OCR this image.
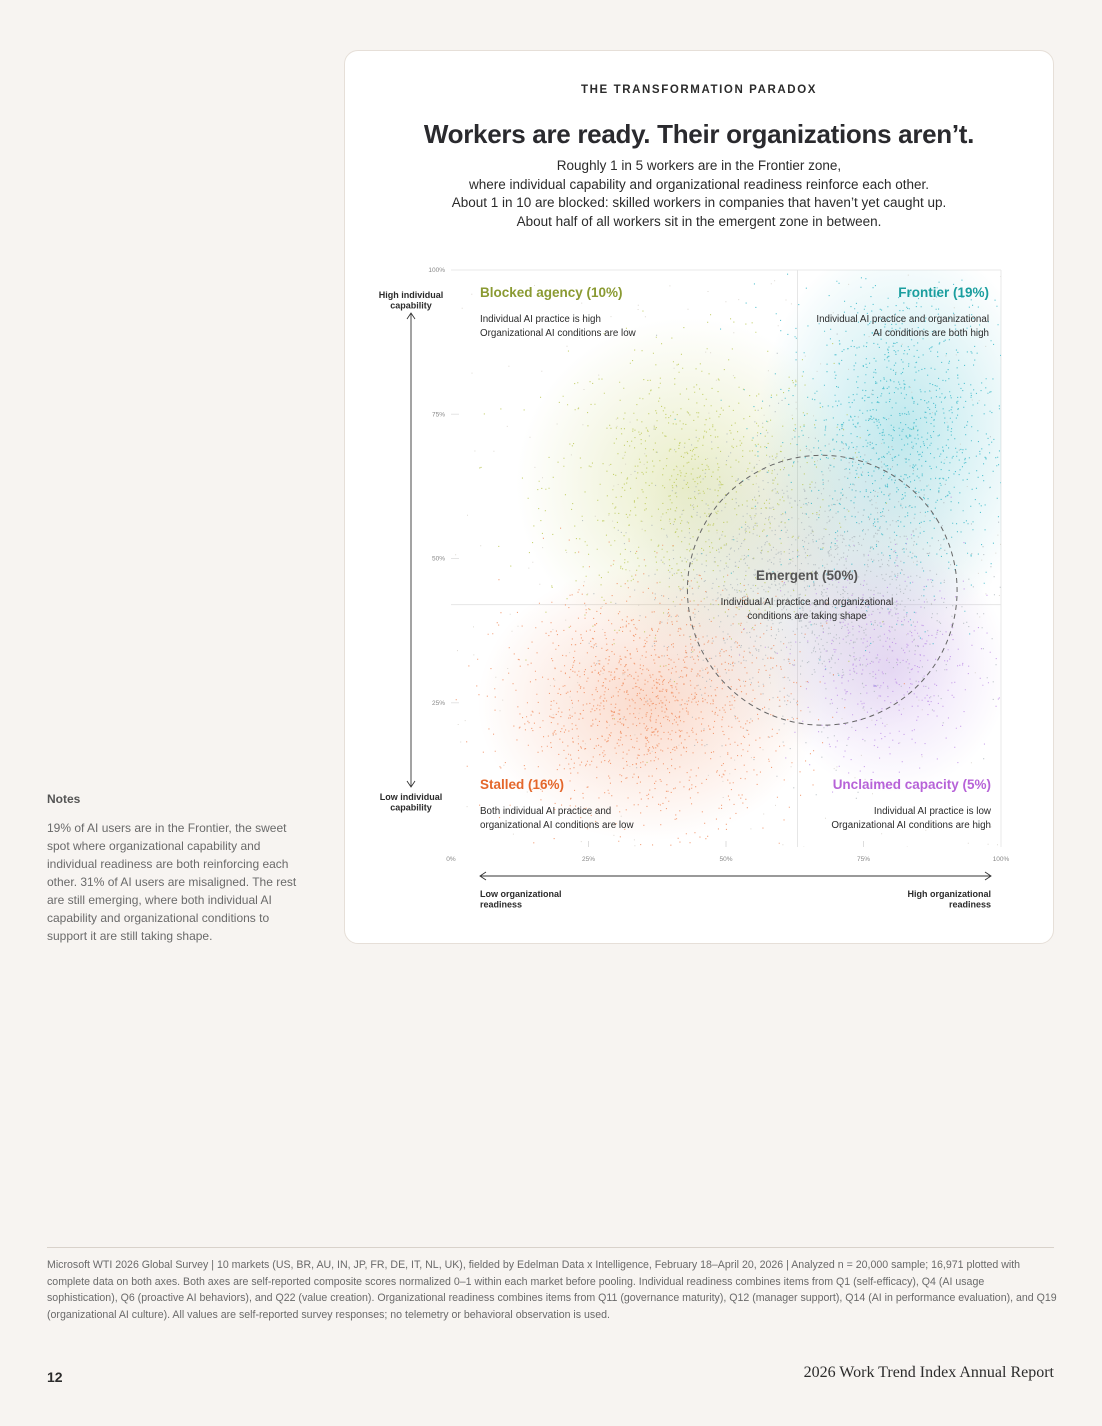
THE TRANSFORMATION PARADOX
Workers are ready. Their organizations aren’t.
Roughly 1 in 5 workers are in the Frontier zone,
where individual capability and organizational readiness reinforce each other.
About 1 in 10 are blocked: skilled workers in companies that haven’t yet caught up.
About half of all workers sit in the emergent zone in between.
25%
50%
75%
100%
0%	25%	50%	75%	100%
High individual capability
Low individual capability
Low organizational readiness
High organizational readiness
Blocked agency (10%)
Individual AI practice is high
Organizational AI conditions are low
Frontier (19%)
Individual AI practice and organizational
AI conditions are both high
Emergent (50%)
Individual AI practice and organizational
conditions are taking shape
Stalled (16%)
Both individual AI practice and
organizational AI conditions are low
Unclaimed capacity (5%)
Individual AI practice is low
Organizational AI conditions are high
Notes
19% of AI users are in the Frontier, the sweet spot where organizational capability and individual readiness are both reinforcing each other. 31% of AI users are misaligned. The rest are still emerging, where both individual AI capability and organizational conditions to support it are still taking shape.
Microsoft WTI 2026 Global Survey | 10 markets (US, BR, AU, IN, JP, FR, DE, IT, NL, UK), fielded by Edelman Data x Intelligence, February 18–April 20, 2026 | Analyzed n = 20,000 sample; 16,971 plotted with complete data on both axes. Both axes are self-reported composite scores normalized 0–1 within each market before pooling. Individual readiness combines items from Q1 (self-efficacy), Q4 (AI usage sophistication), Q6 (proactive AI behaviors), and Q22 (value creation). Organizational readiness combines items from Q11 (governance maturity), Q12 (manager support), Q14 (AI in performance evaluation), and Q19 (organizational AI culture). All values are self-reported survey responses; no telemetry or behavioral observation is used.
12	2026 Work Trend Index Annual Report
